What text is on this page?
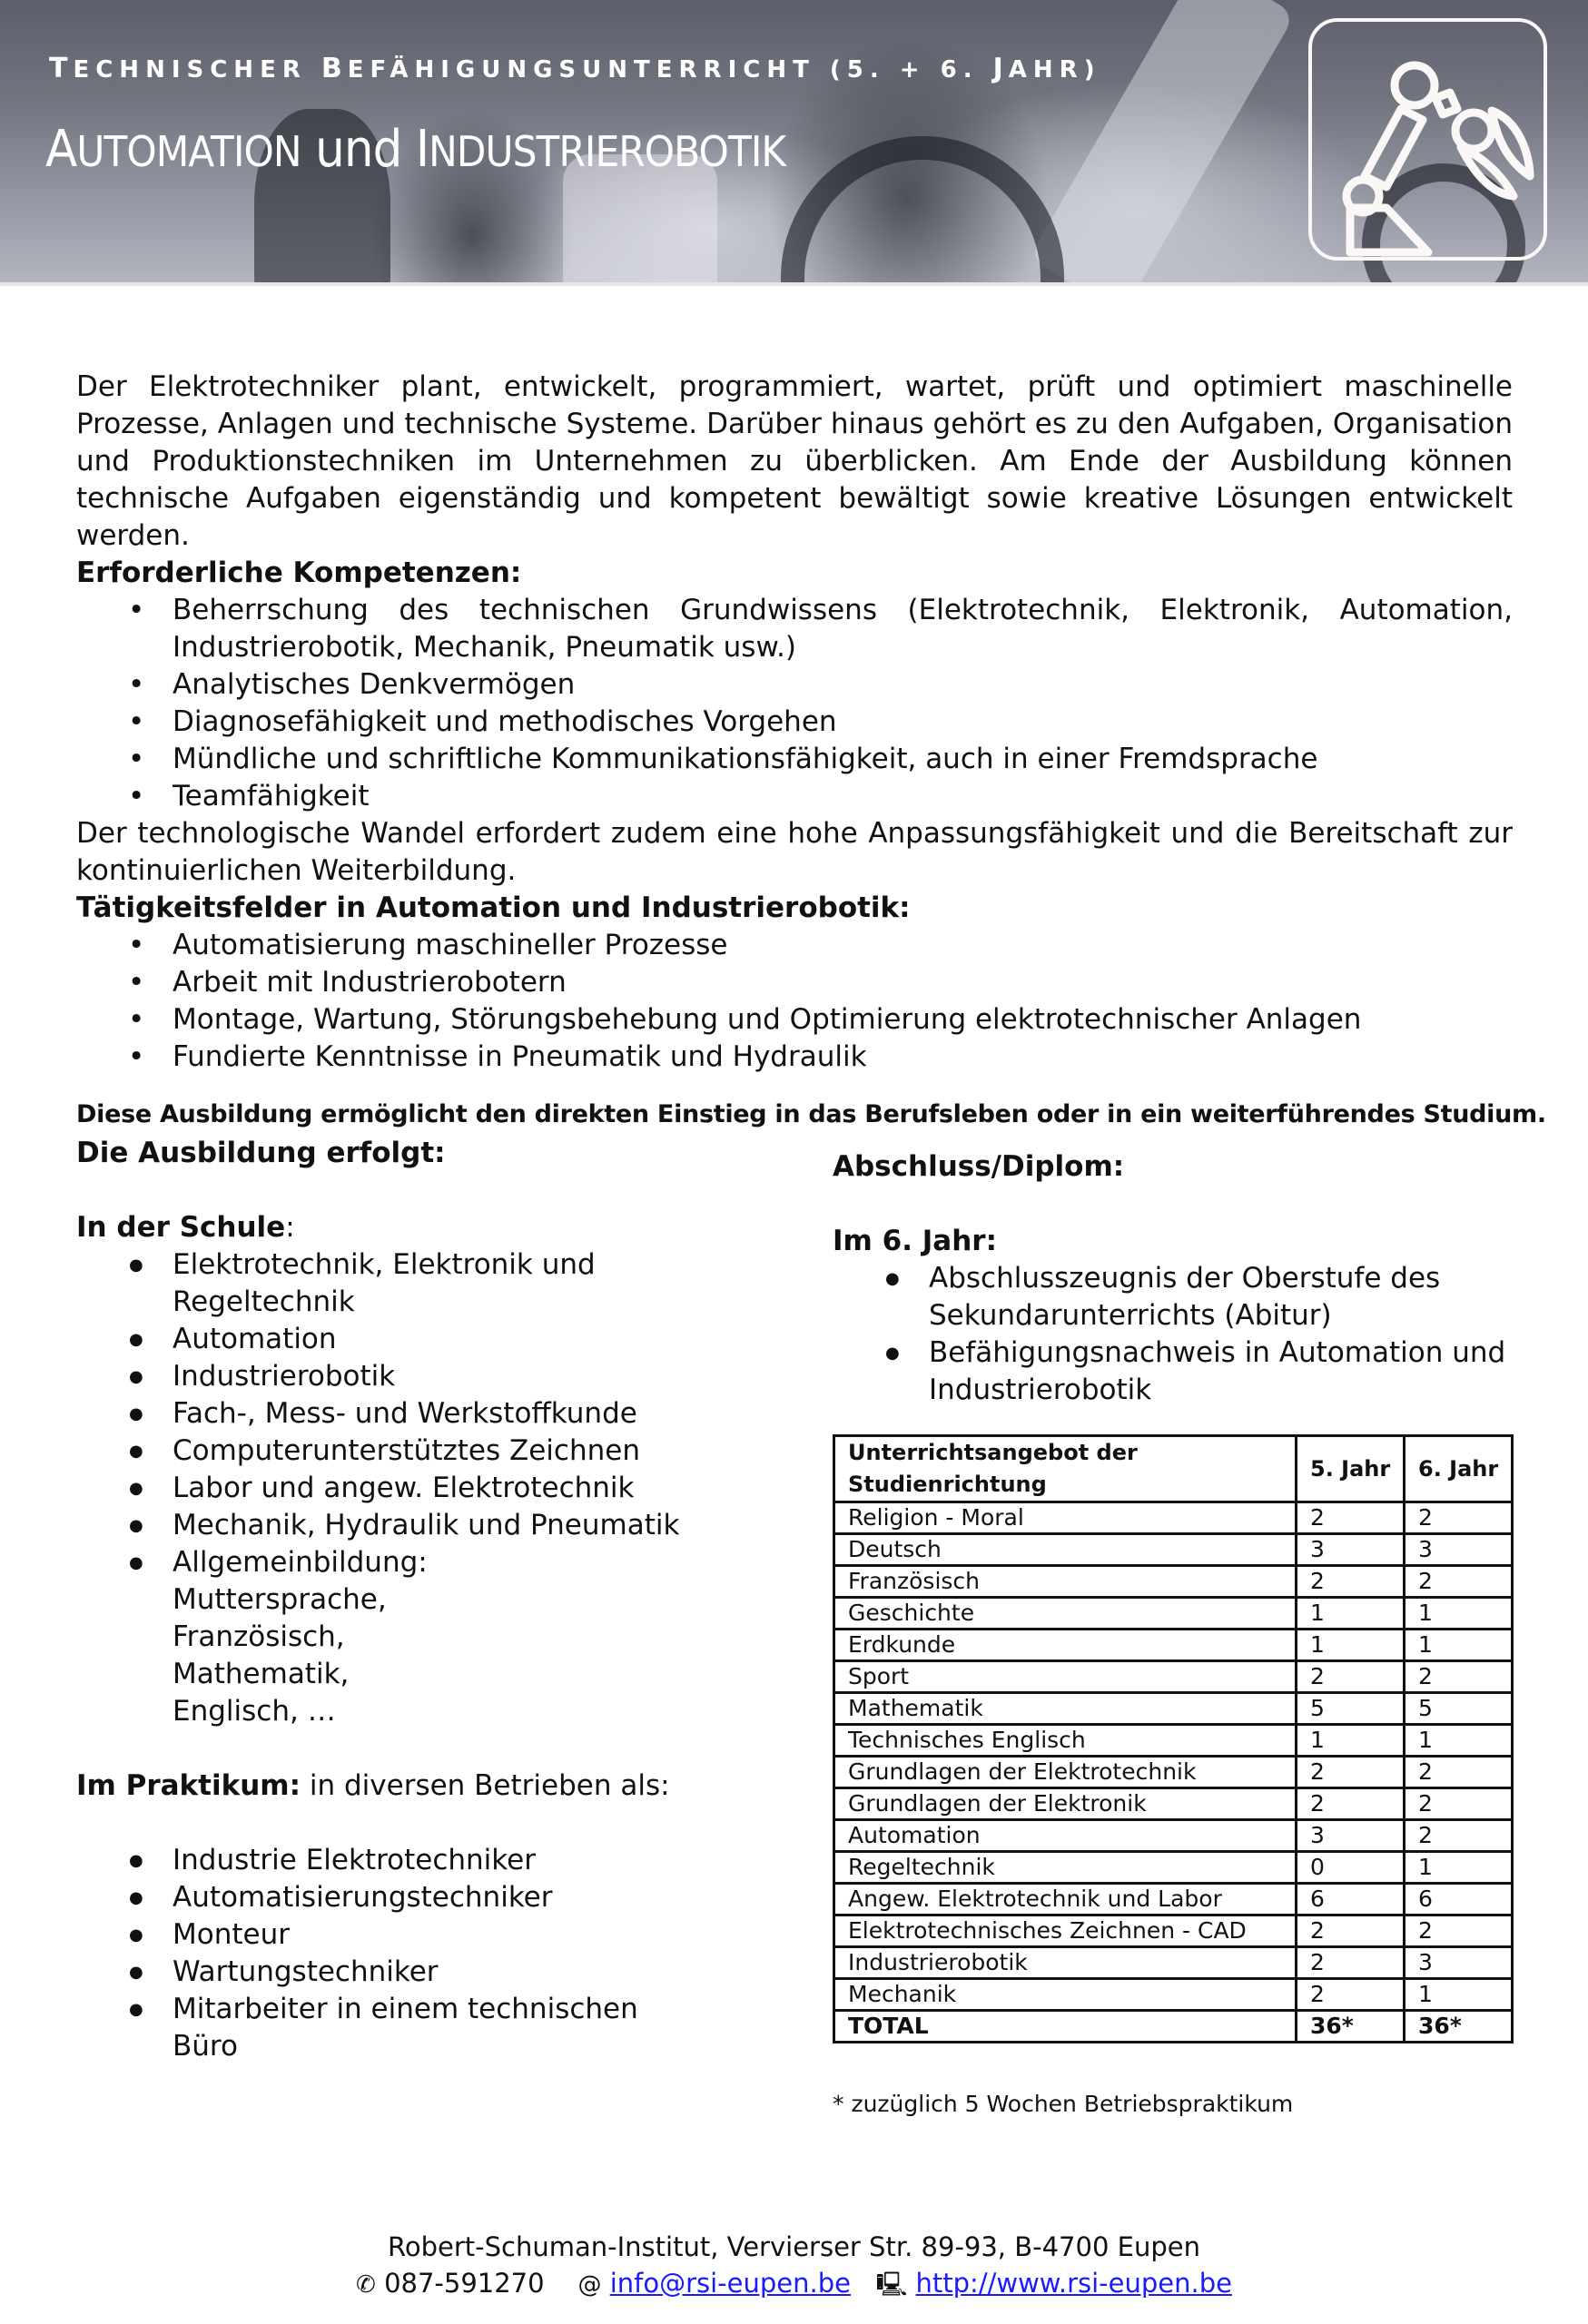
TECHNISCHER BEFÄHIGUNGSUNTERRICHT (5. + 6. JAHR)
AUTOMATION und INDUSTRIEROBOTIK

Der Elektrotechniker plant, entwickelt, programmiert, wartet, prüft und optimiert maschinelle Prozesse, Anlagen und technische Systeme. Darüber hinaus gehört es zu den Aufgaben, Organisation und Produktionstechniken im Unternehmen zu überblicken. Am Ende der Ausbildung können technische Aufgaben eigenständig und kompetent bewältigt sowie kreative Lösungen entwickelt werden.

Erforderliche Kompetenzen:

• Beherrschung des technischen Grundwissens (Elektrotechnik, Elektronik, Automation, Industrierobotik, Mechanik, Pneumatik usw.)
• Analytisches Denkvermögen
• Diagnosefähigkeit und methodisches Vorgehen
• Mündliche und schriftliche Kommunikationsfähigkeit, auch in einer Fremdsprache
• Teamfähigkeit

Der technologische Wandel erfordert zudem eine hohe Anpassungsfähigkeit und die Bereitschaft zur kontinuierlichen Weiterbildung.

Tätigkeitsfelder in Automation und Industrierobotik:

• Automatisierung maschineller Prozesse
• Arbeit mit Industrierobotern
• Montage, Wartung, Störungsbehebung und Optimierung elektrotechnischer Anlagen
• Fundierte Kenntnisse in Pneumatik und Hydraulik
Diese Ausbildung ermöglicht den direkten Einstieg in das Berufsleben oder in ein weiterführendes Studium.

Die Ausbildung erfolgt:

In der Schule:

● Elektrotechnik, Elektronik und Regeltechnik
● Automation
● Industrierobotik
● Fach-, Mess- und Werkstoffkunde
● Computerunterstütztes Zeichnen
● Labor und angew. Elektrotechnik
● Mechanik, Hydraulik und Pneumatik
● Allgemeinbildung:
Muttersprache,
Französisch,
Mathematik,
Englisch, …

Im Praktikum: in diversen Betrieben als:

● Industrie Elektrotechniker
● Automatisierungstechniker
● Monteur
● Wartungstechniker
● Mitarbeiter in einem technischen Büro

Abschluss/Diplom:

Im 6. Jahr:

● Abschlusszeugnis der Oberstufe des Sekundarunterrichts (Abitur)
● Befähigungsnachweis in Automation und Industrierobotik
Unterrichtsangebot der Studienrichtung	5. Jahr	6. Jahr
Religion - Moral	2	2
Deutsch	3	3
Französisch	2	2
Geschichte	1	1
Erdkunde	1	1
Sport	2	2
Mathematik	5	5
Technisches Englisch	1	1
Grundlagen der Elektrotechnik	2	2
Grundlagen der Elektronik	2	2
Automation	3	2
Regeltechnik	0	1
Angew. Elektrotechnik und Labor	6	6
Elektrotechnisches Zeichnen - CAD	2	2
Industrierobotik	2	3
Mechanik	2	1
TOTAL	36*	36*
* zuzüglich 5 Wochen Betriebspraktikum
Robert-Schuman-Institut, Vervierser Str. 89-93, B-4700 Eupen
✆ 087-591270 @ info@rsi-eupen.be 🖳 http://www.rsi-eupen.be
